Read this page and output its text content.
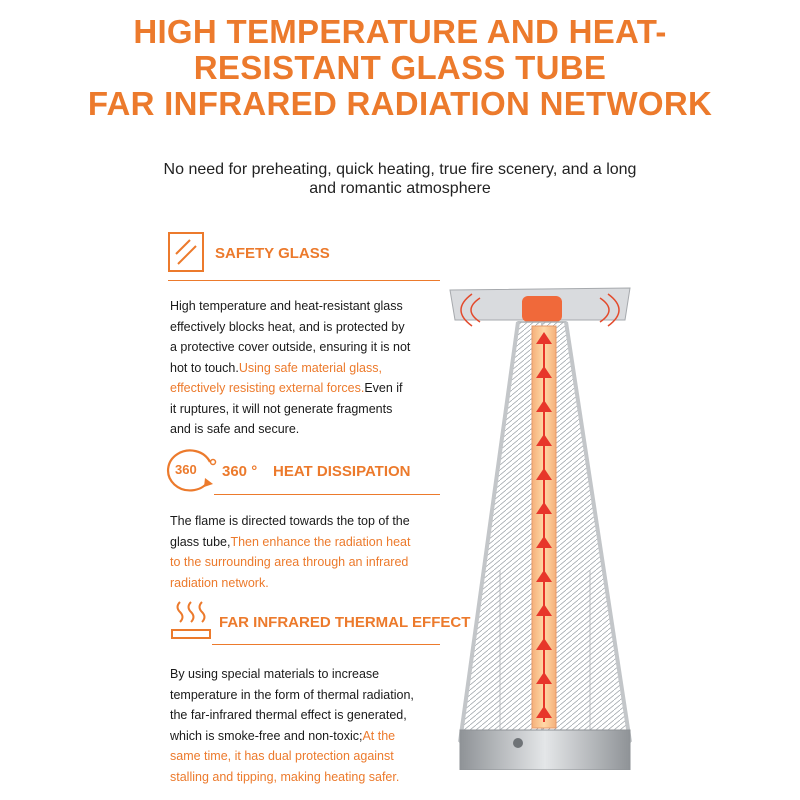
HIGH TEMPERATURE AND HEAT-
RESISTANT GLASS TUBE
FAR INFRARED RADIATION NETWORK
No need for preheating, quick heating, true fire scenery, and a long
and romantic atmosphere
SAFETY GLASS
High temperature and heat-resistant glass
effectively blocks heat, and is protected by
a protective cover outside, ensuring it is not
hot to touch.Using safe material glass,
effectively resisting external forces.Even if
it ruptures, it will not generate fragments
and is safe and secure.
360 360 ° HEAT DISSIPATION
The flame is directed towards the top of the
glass tube,Then enhance the radiation heat
to the surrounding area through an infrared
radiation network.
FAR INFRARED THERMAL EFFECT
By using special materials to increase
temperature in the form of thermal radiation,
the far-infrared thermal effect is generated,
which is smoke-free and non-toxic;At the
same time, it has dual protection against
stalling and tipping, making heating safer.
